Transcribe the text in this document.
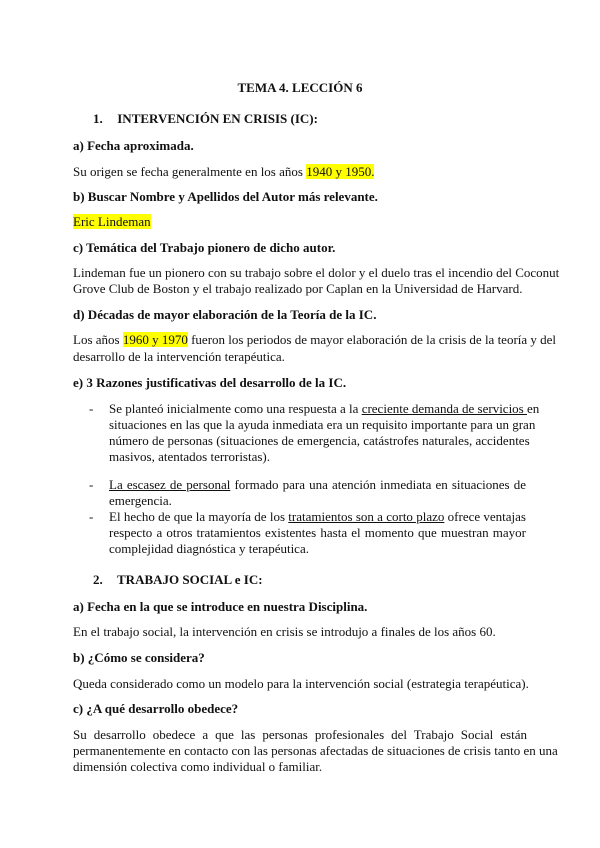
TEMA 4. LECCIÓN 6
1. INTERVENCIÓN EN CRISIS (IC):
a) Fecha aproximada.
Su origen se fecha generalmente en los años 1940 y 1950.
b) Buscar Nombre y Apellidos del Autor más relevante.
Eric Lindeman
c) Temática del Trabajo pionero de dicho autor.
Lindeman fue un pionero con su trabajo sobre el dolor y el duelo tras el incendio del Coconut
Grove Club de Boston y el trabajo realizado por Caplan en la Universidad de Harvard.
d) Décadas de mayor elaboración de la Teoría de la IC.
Los años 1960 y 1970 fueron los periodos de mayor elaboración de la crisis de la teoría y del
desarrollo de la intervención terapéutica.
e) 3 Razones justificativas del desarrollo de la IC.
- Se planteó inicialmente como una respuesta a la creciente demanda de servicios en
situaciones en las que la ayuda inmediata era un requisito importante para un gran
número de personas (situaciones de emergencia, catástrofes naturales, accidentes
masivos, atentados terroristas).
- La escasez de personal formado para una atención inmediata en situaciones de
emergencia.
- El hecho de que la mayoría de los tratamientos son a corto plazo ofrece ventajas
respecto a otros tratamientos existentes hasta el momento que muestran mayor
complejidad diagnóstica y terapéutica.
2. TRABAJO SOCIAL e IC:
a) Fecha en la que se introduce en nuestra Disciplina.
En el trabajo social, la intervención en crisis se introdujo a finales de los años 60.
b) ¿Cómo se considera?
Queda considerado como un modelo para la intervención social (estrategia terapéutica).
c) ¿A qué desarrollo obedece?
Su desarrollo obedece a que las personas profesionales del Trabajo Social están
permanentemente en contacto con las personas afectadas de situaciones de crisis tanto en una
dimensión colectiva como individual o familiar.
